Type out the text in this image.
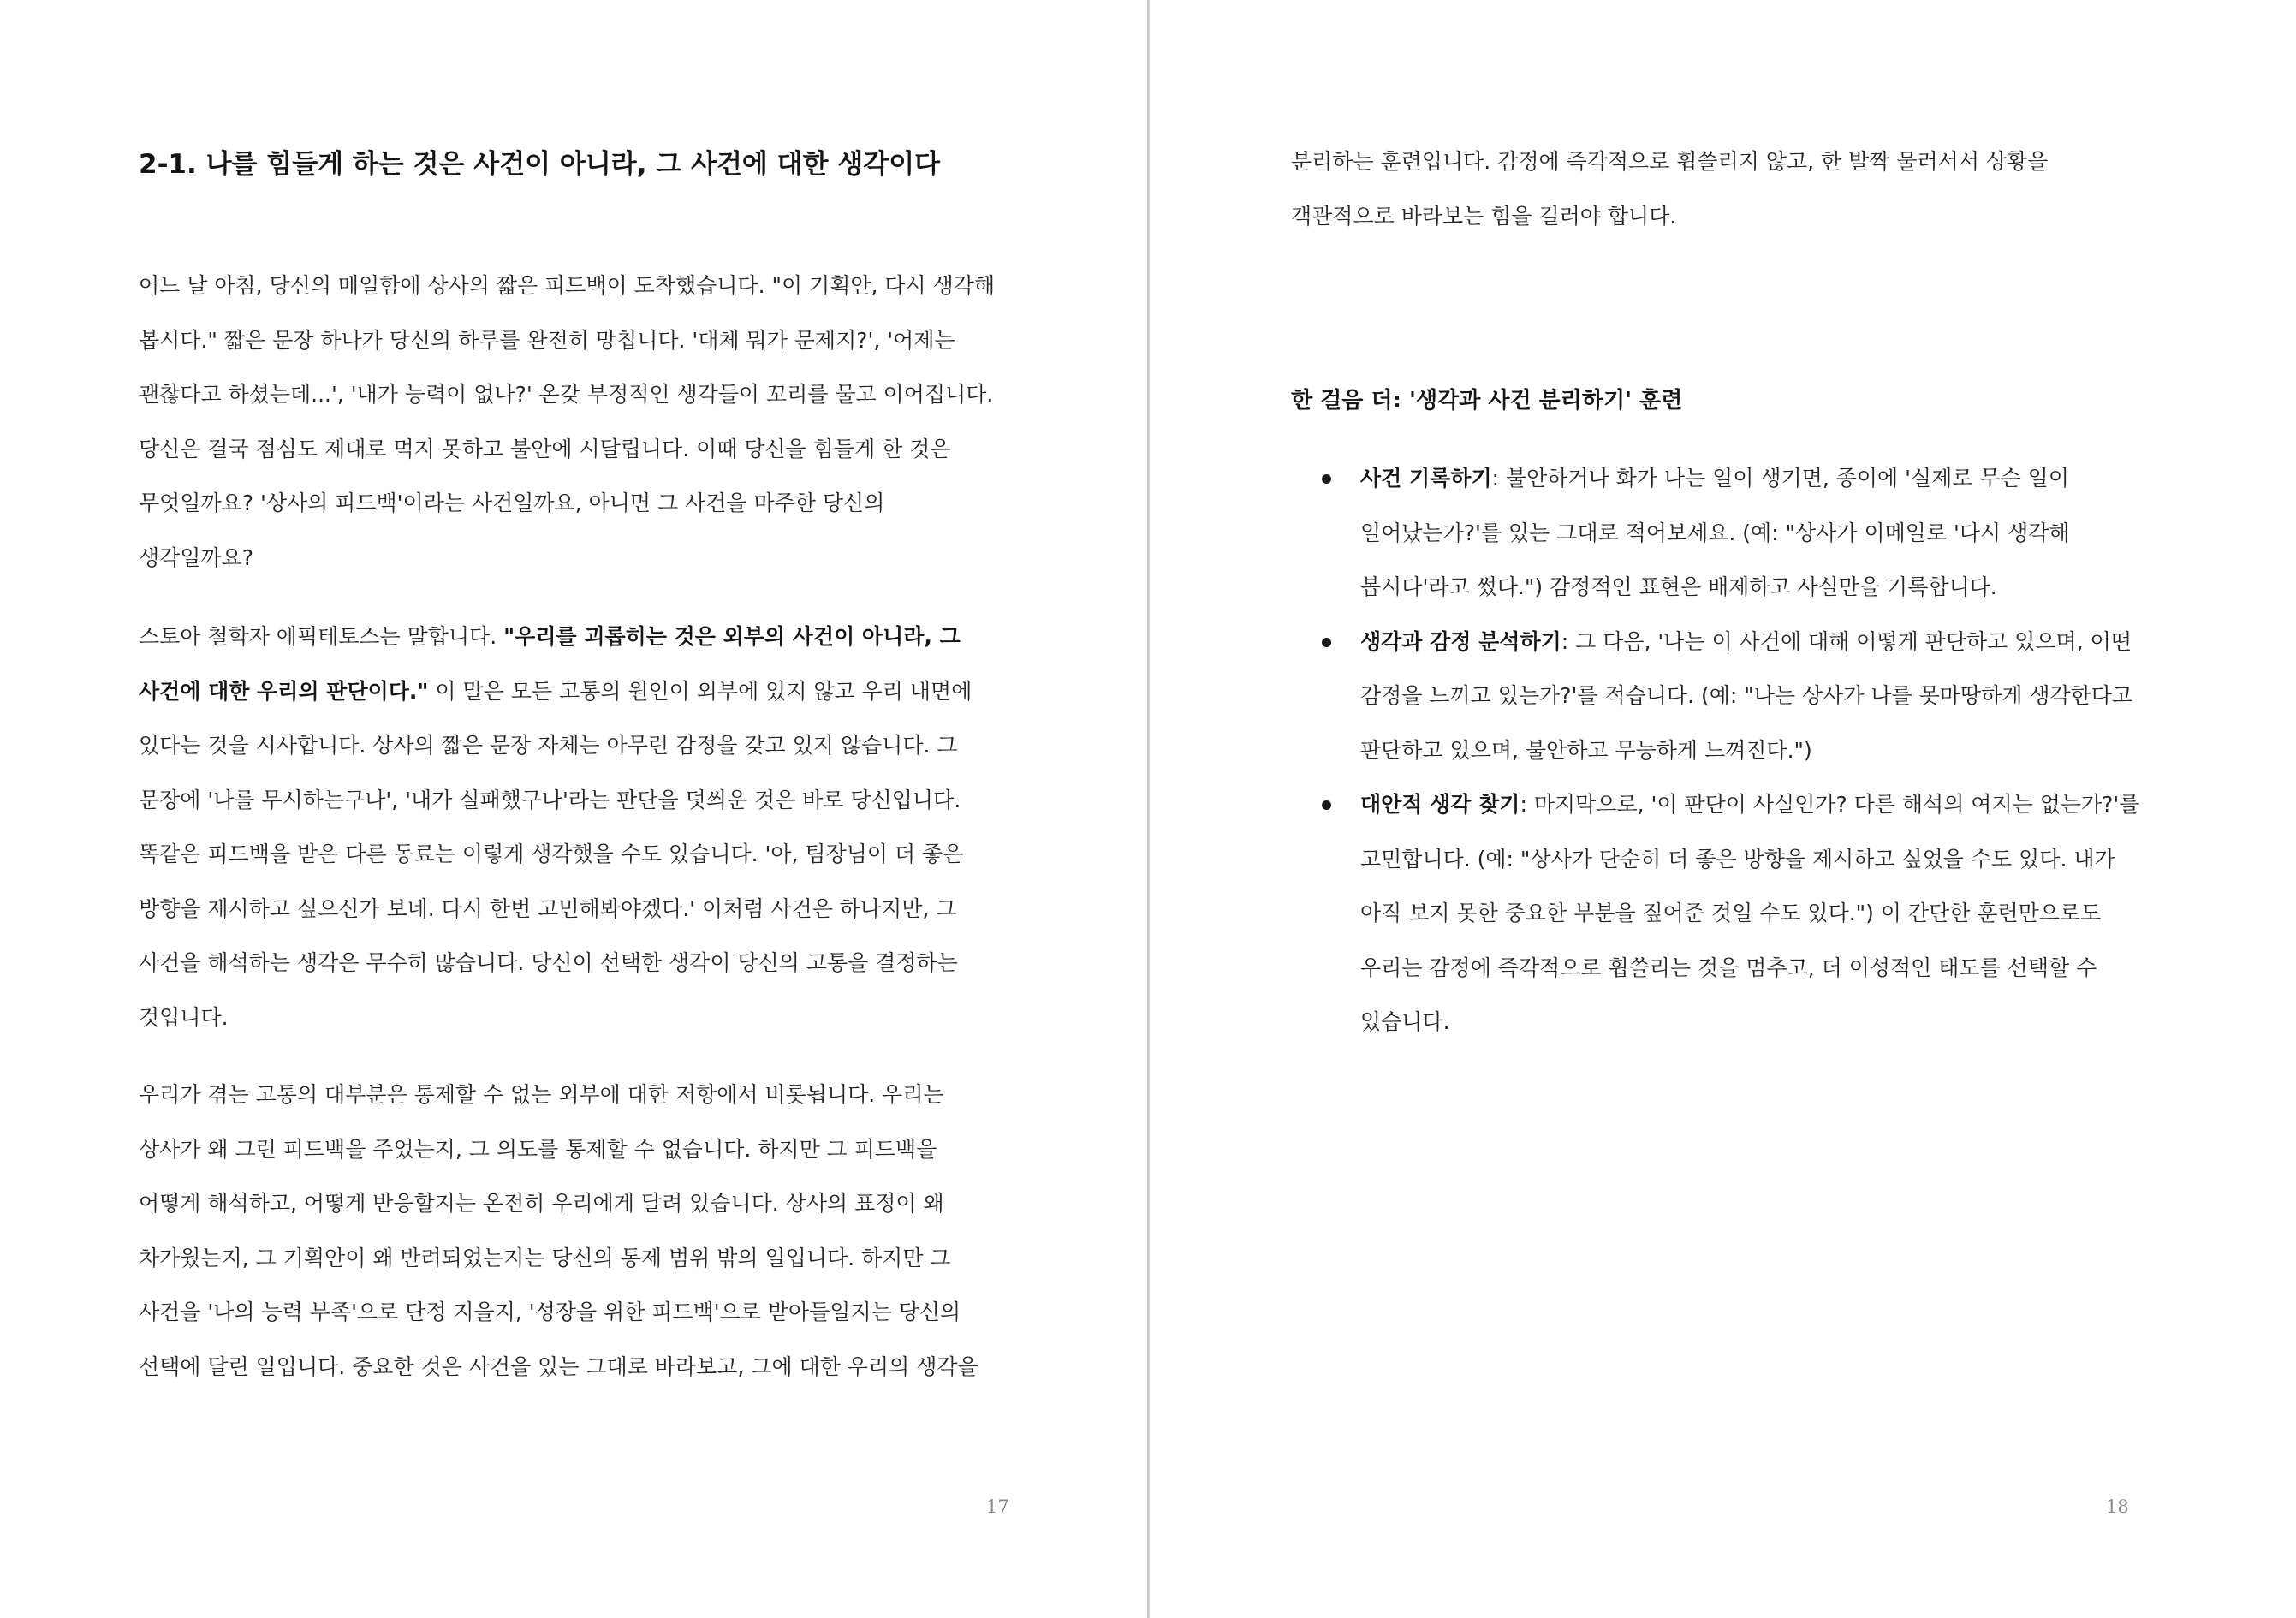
2-1. 나를 힘들게 하는 것은 사건이 아니라, 그 사건에 대한 생각이다
어느 날 아침, 당신의 메일함에 상사의 짧은 피드백이 도착했습니다. "이 기획안, 다시 생각해
봅시다." 짧은 문장 하나가 당신의 하루를 완전히 망칩니다. '대체 뭐가 문제지?', '어제는
괜찮다고 하셨는데...', '내가 능력이 없나?' 온갖 부정적인 생각들이 꼬리를 물고 이어집니다.
당신은 결국 점심도 제대로 먹지 못하고 불안에 시달립니다. 이때 당신을 힘들게 한 것은
무엇일까요? '상사의 피드백'이라는 사건일까요, 아니면 그 사건을 마주한 당신의
생각일까요?
스토아 철학자 에픽테토스는 말합니다. "우리를 괴롭히는 것은 외부의 사건이 아니라, 그
사건에 대한 우리의 판단이다." 이 말은 모든 고통의 원인이 외부에 있지 않고 우리 내면에
있다는 것을 시사합니다. 상사의 짧은 문장 자체는 아무런 감정을 갖고 있지 않습니다. 그
문장에 '나를 무시하는구나', '내가 실패했구나'라는 판단을 덧씌운 것은 바로 당신입니다.
똑같은 피드백을 받은 다른 동료는 이렇게 생각했을 수도 있습니다. '아, 팀장님이 더 좋은
방향을 제시하고 싶으신가 보네. 다시 한번 고민해봐야겠다.' 이처럼 사건은 하나지만, 그
사건을 해석하는 생각은 무수히 많습니다. 당신이 선택한 생각이 당신의 고통을 결정하는
것입니다.
우리가 겪는 고통의 대부분은 통제할 수 없는 외부에 대한 저항에서 비롯됩니다. 우리는
상사가 왜 그런 피드백을 주었는지, 그 의도를 통제할 수 없습니다. 하지만 그 피드백을
어떻게 해석하고, 어떻게 반응할지는 온전히 우리에게 달려 있습니다. 상사의 표정이 왜
차가웠는지, 그 기획안이 왜 반려되었는지는 당신의 통제 범위 밖의 일입니다. 하지만 그
사건을 '나의 능력 부족'으로 단정 지을지, '성장을 위한 피드백'으로 받아들일지는 당신의
선택에 달린 일입니다. 중요한 것은 사건을 있는 그대로 바라보고, 그에 대한 우리의 생각을
17
분리하는 훈련입니다. 감정에 즉각적으로 휩쓸리지 않고, 한 발짝 물러서서 상황을
객관적으로 바라보는 힘을 길러야 합니다.
한 걸음 더: '생각과 사건 분리하기' 훈련
사건 기록하기: 불안하거나 화가 나는 일이 생기면, 종이에 '실제로 무슨 일이
일어났는가?'를 있는 그대로 적어보세요. (예: "상사가 이메일로 '다시 생각해
봅시다'라고 썼다.") 감정적인 표현은 배제하고 사실만을 기록합니다.
생각과 감정 분석하기: 그 다음, '나는 이 사건에 대해 어떻게 판단하고 있으며, 어떤
감정을 느끼고 있는가?'를 적습니다. (예: "나는 상사가 나를 못마땅하게 생각한다고
판단하고 있으며, 불안하고 무능하게 느껴진다.")
대안적 생각 찾기: 마지막으로, '이 판단이 사실인가? 다른 해석의 여지는 없는가?'를
고민합니다. (예: "상사가 단순히 더 좋은 방향을 제시하고 싶었을 수도 있다. 내가
아직 보지 못한 중요한 부분을 짚어준 것일 수도 있다.") 이 간단한 훈련만으로도
우리는 감정에 즉각적으로 휩쓸리는 것을 멈추고, 더 이성적인 태도를 선택할 수
있습니다.
18
